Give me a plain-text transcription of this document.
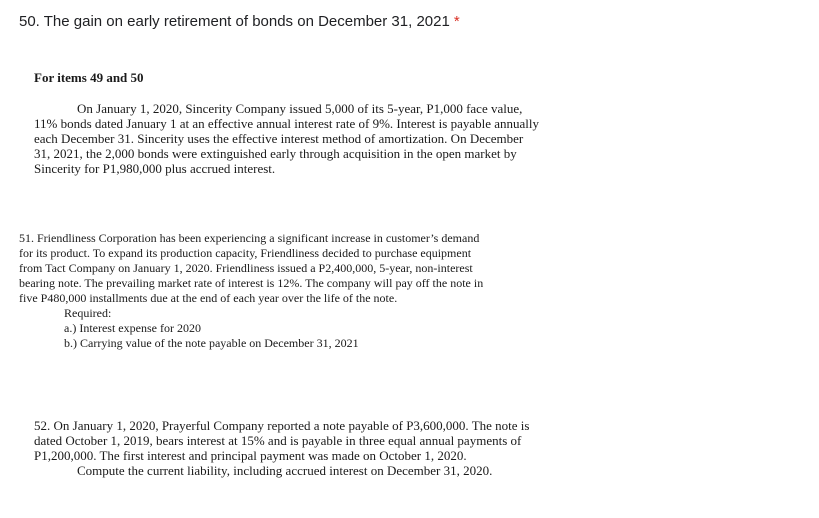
50. The gain on early retirement of bonds on December 31, 2021 *
For items 49 and 50
On January 1, 2020, Sincerity Company issued 5,000 of its 5-year, P1,000 face value,
11% bonds dated January 1 at an effective annual interest rate of 9%. Interest is payable annually
each December 31. Sincerity uses the effective interest method of amortization. On December
31, 2021, the 2,000 bonds were extinguished early through acquisition in the open market by
Sincerity for P1,980,000 plus accrued interest.
51. Friendliness Corporation has been experiencing a significant increase in customer’s demand
for its product. To expand its production capacity, Friendliness decided to purchase equipment
from Tact Company on January 1, 2020. Friendliness issued a P2,400,000, 5-year, non-interest
bearing note. The prevailing market rate of interest is 12%. The company will pay off the note in
five P480,000 installments due at the end of each year over the life of the note.
Required:
a.) Interest expense for 2020
b.) Carrying value of the note payable on December 31, 2021
52. On January 1, 2020, Prayerful Company reported a note payable of P3,600,000. The note is
dated October 1, 2019, bears interest at 15% and is payable in three equal annual payments of
P1,200,000. The first interest and principal payment was made on October 1, 2020.
Compute the current liability, including accrued interest on December 31, 2020.
